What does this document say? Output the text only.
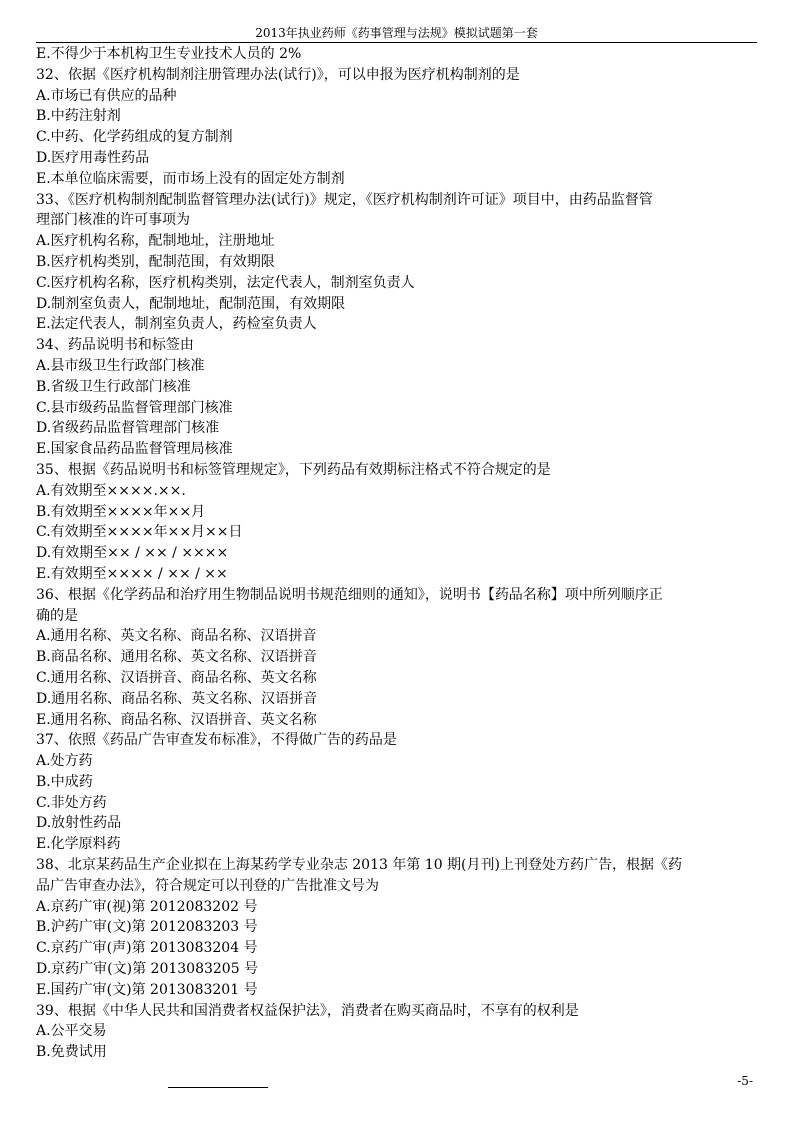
2013年执业药师《药事管理与法规》模拟试题第一套
E.不得少于本机构卫生专业技术人员的 2%
32、依据《医疗机构制剂注册管理办法(试行)》，可以申报为医疗机构制剂的是
A.市场已有供应的品种
B.中药注射剂
C.中药、化学药组成的复方制剂
D.医疗用毒性药品
E.本单位临床需要，而市场上没有的固定处方制剂
33、《医疗机构制剂配制监督管理办法(试行)》规定，《医疗机构制剂许可证》项目中，由药品监督管
理部门核准的许可事项为
A.医疗机构名称，配制地址，注册地址
B.医疗机构类别，配制范围，有效期限
C.医疗机构名称，医疗机构类别，法定代表人，制剂室负责人
D.制剂室负责人，配制地址，配制范围，有效期限
E.法定代表人，制剂室负责人，药检室负责人
34、药品说明书和标签由
A.县市级卫生行政部门核准
B.省级卫生行政部门核准
C.县市级药品监督管理部门核准
D.省级药品监督管理部门核准
E.国家食品药品监督管理局核准
35、根据《药品说明书和标签管理规定》，下列药品有效期标注格式不符合规定的是
A.有效期至××××.××.
B.有效期至××××年××月
C.有效期至××××年××月××日
D.有效期至×× / ×× / ××××
E.有效期至×××× / ×× / ××
36、根据《化学药品和治疗用生物制品说明书规范细则的通知》，说明书【药品名称】项中所列顺序正
确的是
A.通用名称、英文名称、商品名称、汉语拼音
B.商品名称、通用名称、英文名称、汉语拼音
C.通用名称、汉语拼音、商品名称、英文名称
D.通用名称、商品名称、英文名称、汉语拼音
E.通用名称、商品名称、汉语拼音、英文名称
37、依照《药品广告审查发布标准》，不得做广告的药品是
A.处方药
B.中成药
C.非处方药
D.放射性药品
E.化学原料药
38、北京某药品生产企业拟在上海某药学专业杂志 2013 年第 10 期(月刊)上刊登处方药广告，根据《药
品广告审查办法》，符合规定可以刊登的广告批准文号为
A.京药广审(视)第 2012083202 号
B.沪药广审(文)第 2012083203 号
C.京药广审(声)第 2013083204 号
D.京药广审(文)第 2013083205 号
E.国药广审(文)第 2013083201 号
39、根据《中华人民共和国消费者权益保护法》，消费者在购买商品时，不享有的权利是
A.公平交易
B.免费试用
-5-
